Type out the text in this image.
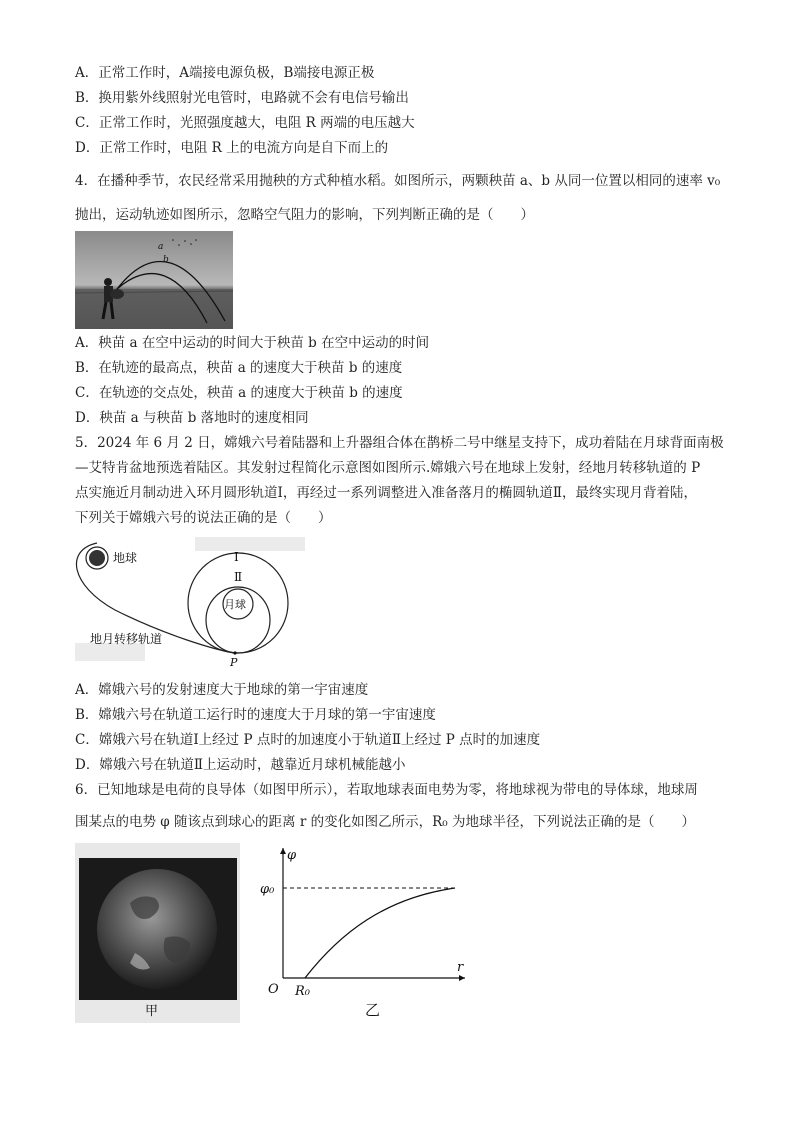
A．正常工作时，A端接电源负极，B端接电源正极
B．换用紫外线照射光电管时，电路就不会有电信号输出
C．正常工作时，光照强度越大，电阻 R 两端的电压越大
D．正常工作时，电阻 R 上的电流方向是自下而上的
4．在播种季节，农民经常采用抛秧的方式种植水稻。如图所示，两颗秧苗 a、b 从同一位置以相同的速率 v₀
抛出，运动轨迹如图所示，忽略空气阻力的影响，下列判断正确的是（　　）
a
b
A．秧苗 a 在空中运动的时间大于秧苗 b 在空中运动的时间
B．在轨迹的最高点，秧苗 a 的速度大于秧苗 b 的速度
C．在轨迹的交点处，秧苗 a 的速度大于秧苗 b 的速度
D．秧苗 a 与秧苗 b 落地时的速度相同
5．2024 年 6 月 2 日，嫦娥六号着陆器和上升器组合体在鹊桥二号中继星支持下，成功着陆在月球背面南极
—艾特肯盆地预选着陆区。其发射过程简化示意图如图所示.嫦娥六号在地球上发射，经地月转移轨道的 P
点实施近月制动进入环月圆形轨道Ⅰ，再经过一系列调整进入准备落月的椭圆轨道Ⅱ，最终实现月背着陆，
下列关于嫦娥六号的说法正确的是（　　）
地球
月球
Ⅰ
Ⅱ
地月转移轨道
P
A．嫦娥六号的发射速度大于地球的第一宇宙速度
B．嫦娥六号在轨道工运行时的速度大于月球的第一宇宙速度
C．嫦娥六号在轨道Ⅰ上经过 P 点时的加速度小于轨道Ⅱ上经过 P 点时的加速度
D．嫦娥六号在轨道Ⅱ上运动时，越靠近月球机械能越小
6．已知地球是电荷的良导体（如图甲所示），若取地球表面电势为零，将地球视为带电的导体球，地球周
围某点的电势 φ 随该点到球心的距离 r 的变化如图乙所示，R₀ 为地球半径，下列说法正确的是（　　）
甲
φ
φ₀
r
O R₀
乙
